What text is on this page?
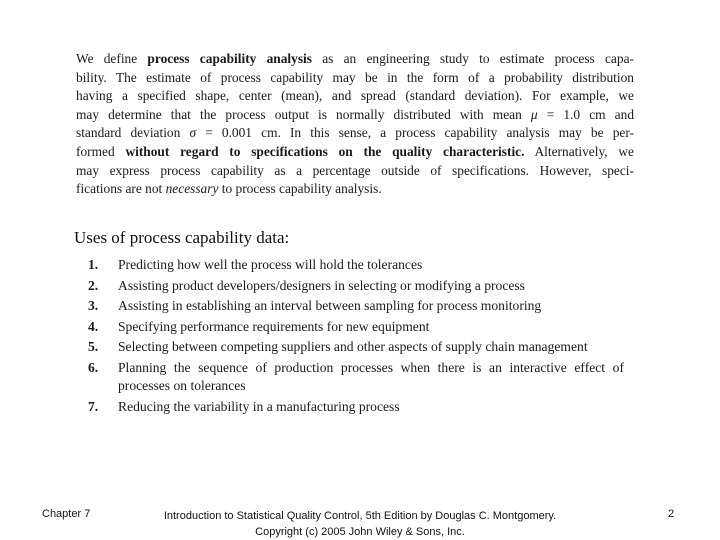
We define process capability analysis as an engineering study to estimate process capa-
bility. The estimate of process capability may be in the form of a probability distribution
having a specified shape, center (mean), and spread (standard deviation). For example, we
may determine that the process output is normally distributed with mean μ = 1.0 cm and
standard deviation σ = 0.001 cm. In this sense, a process capability analysis may be per-
formed without regard to specifications on the quality characteristic. Alternatively, we
may express process capability as a percentage outside of specifications. However, speci-
fications are not necessary to process capability analysis.
Uses of process capability data:
1.	Predicting how well the process will hold the tolerances
2.	Assisting product developers/designers in selecting or modifying a process
3.	Assisting in establishing an interval between sampling for process monitoring
4.	Specifying performance requirements for new equipment
5.	Selecting between competing suppliers and other aspects of supply chain management
6.	Planning the sequence of production processes when there is an interactive effect of processes on tolerances
7.	Reducing the variability in a manufacturing process
Chapter 7	Introduction to Statistical Quality Control, 5th Edition by Douglas C. Montgomery.
Copyright (c) 2005 John Wiley & Sons, Inc.
2
